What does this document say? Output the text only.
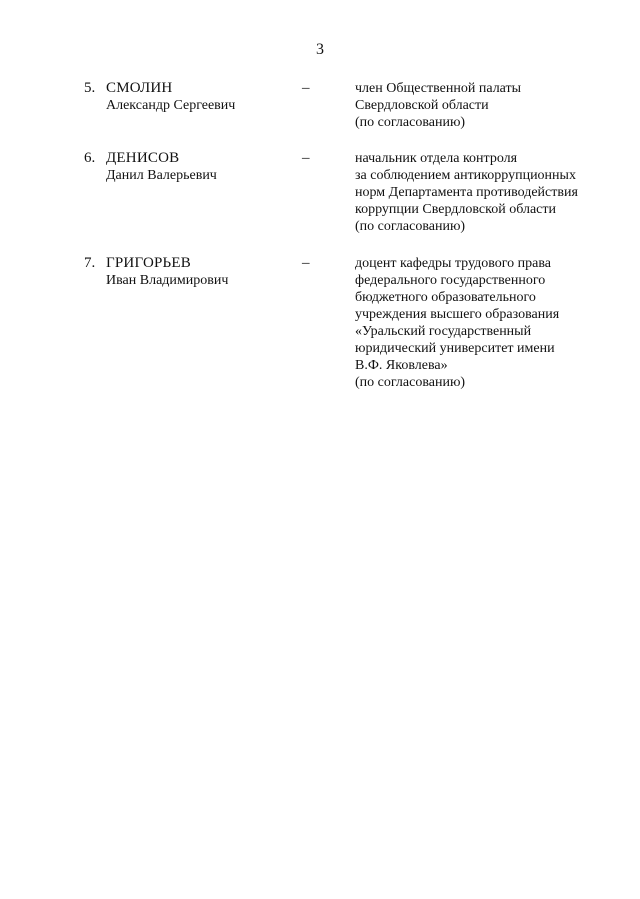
3
5. СМОЛИН
Александр Сергеевич
–	член Общественной палаты
Свердловской области
(по согласованию)
6. ДЕНИСОВ
Данил Валерьевич
–	начальник отдела контроля
за соблюдением антикоррупционных
норм Департамента противодействия
коррупции Свердловской области
(по согласованию)
7. ГРИГОРЬЕВ
Иван Владимирович
–	доцент кафедры трудового права
федерального государственного
бюджетного образовательного
учреждения высшего образования
«Уральский государственный
юридический университет имени
В.Ф. Яковлева»
(по согласованию)
